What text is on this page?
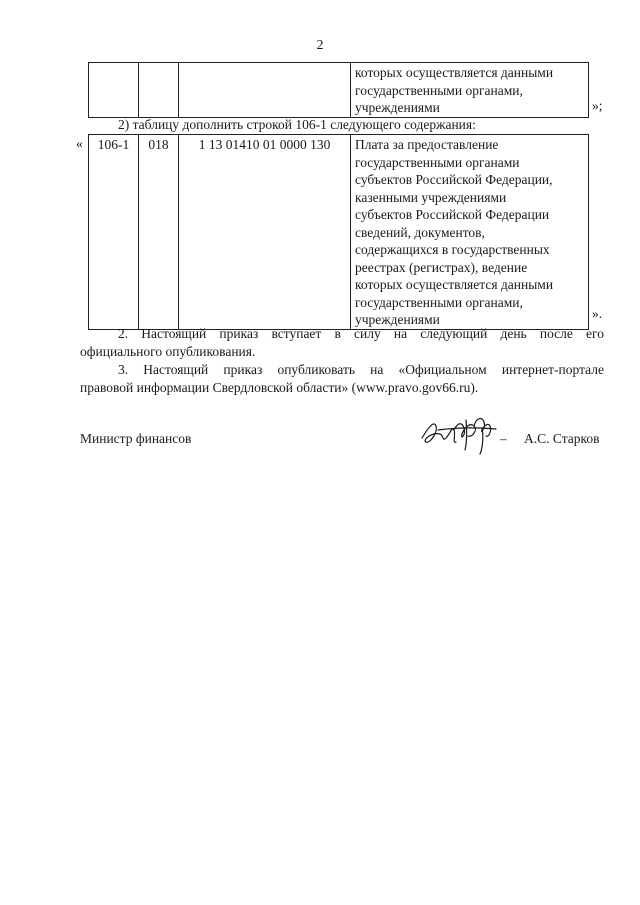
2

которых осуществляется данными
государственными органами,
учреждениями	»;
2) таблицу дополнить строкой 106-1 следующего содержания:
« 106-1	018	1 13 01410 01 0000 130	Плата за предоставление
государственными органами
субъектов Российской Федерации,
казенными учреждениями
субъектов Российской Федерации
сведений, документов,
содержащихся в государственных
реестрах (регистрах), ведение
которых осуществляется данными
государственными органами,
учреждениями	».
2. Настоящий приказ вступает в силу на следующий день после его
официального опубликования.
3. Настоящий приказ опубликовать на «Официальном интернет-портале
правовой информации Свердловской области» (www.pravo.gov66.ru).
Министр финансов	– А.С. Старков
